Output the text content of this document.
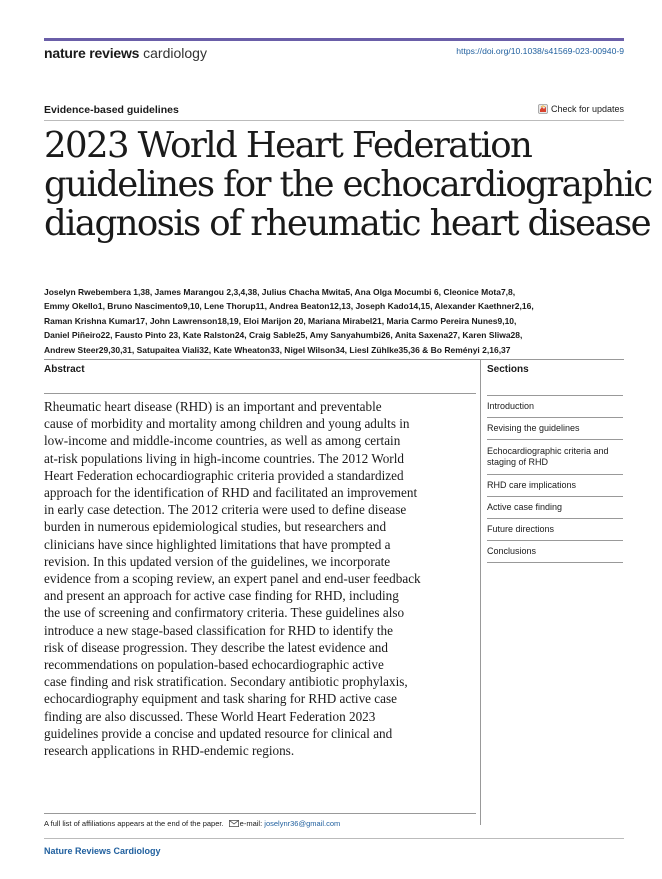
nature reviews cardiology	https://doi.org/10.1038/s41569-023-00940-9
Evidence-based guidelines	Check for updates
2023 World Heart Federation
guidelines for the echocardiographic
diagnosis of rheumatic heart disease
Joselyn Rwebembera 1,38, James Marangou 2,3,4,38, Julius Chacha Mwita5, Ana Olga Mocumbi 6, Cleonice Mota7,8,
Emmy Okello1, Bruno Nascimento9,10, Lene Thorup11, Andrea Beaton12,13, Joseph Kado14,15, Alexander Kaethner2,16,
Raman Krishna Kumar17, John Lawrenson18,19, Eloi Marijon 20, Mariana Mirabel21, Maria Carmo Pereira Nunes9,10,
Daniel Piñeiro22, Fausto Pinto 23, Kate Ralston24, Craig Sable25, Amy Sanyahumbi26, Anita Saxena27, Karen Sliwa28,
Andrew Steer29,30,31, Satupaitea Viali32, Kate Wheaton33, Nigel Wilson34, Liesl Zühlke35,36 & Bo Reményi 2,16,37
Abstract
Rheumatic heart disease (RHD) is an important and preventable
cause of morbidity and mortality among children and young adults in
low-income and middle-income countries, as well as among certain
at-risk populations living in high-income countries. The 2012 World
Heart Federation echocardiographic criteria provided a standardized
approach for the identification of RHD and facilitated an improvement
in early case detection. The 2012 criteria were used to define disease
burden in numerous epidemiological studies, but researchers and
clinicians have since highlighted limitations that have prompted a
revision. In this updated version of the guidelines, we incorporate
evidence from a scoping review, an expert panel and end-user feedback
and present an approach for active case finding for RHD, including
the use of screening and confirmatory criteria. These guidelines also
introduce a new stage-based classification for RHD to identify the
risk of disease progression. They describe the latest evidence and
recommendations on population-based echocardiographic active
case finding and risk stratification. Secondary antibiotic prophylaxis,
echocardiography equipment and task sharing for RHD active case
finding are also discussed. These World Heart Federation 2023
guidelines provide a concise and updated resource for clinical and
research applications in RHD-endemic regions.
Sections
Introduction
Revising the guidelines
Echocardiographic criteria and staging of RHD
RHD care implications
Active case finding
Future directions
Conclusions
A full list of affiliations appears at the end of the paper. e-mail: joselynr36@gmail.com
Nature Reviews Cardiology
